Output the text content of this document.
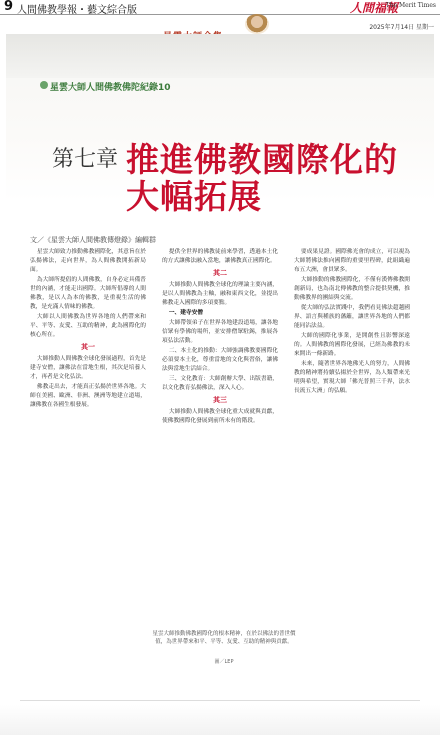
9 人間佛教學報・藝文綜合版	人間福報
The Merit Times
2025年7月14日 星期一
星雲大師人間佛教佛陀紀錄10
第七章 推進佛教國際化的
大幅拓展
文／《星雲大師人間佛教傳燈錄》編輯群

星雲大師致力推動佛教國際化，其意旨在於弘揚佛法，走向世界，為人間佛教開拓新局面。

為大師所提倡的人間佛教，自身必定具備普世的內涵，才能走出國際。大師所倡導的人間佛教，是以人為本的佛教，是重視生活的佛教，是充滿人情味的佛教。

大師以人間佛教為世界各地的人們帶來和平、平等、友愛、互助的精神，此為國際化的核心所在。

其一

大師推動人間佛教全球化發展過程，首先是建寺安僧，讓佛法在當地生根，其次是培養人才，再者是文化弘法。

佛教走出去，才能真正弘揚於世界各地。大師在美國、歐洲、非洲、澳洲等地建立道場，讓佛教在各國生根發展。

提供全世界的佛教徒前來學習，透過本土化的方式讓佛法融入當地，讓佛教真正國際化。

其二

大師推動人間佛教全球化的理論主要內涵，是以人間佛教為主軸，融和東西文化，並提出佛教走入國際的多項要點。

一、建寺安僧

大師帶領弟子在世界各地建設道場，讓各地信眾有學佛的場所，並安排僧眾駐錫，推展各項弘法活動。

二、本土化的推動：大師強調佛教要國際化必須要本土化，尊重當地的文化與習俗，讓佛法與當地生活結合。

三、文化教育：大師創辦大學、出版書籍，以文化教育弘揚佛法，深入人心。

其三

大師推動人間佛教全球化重大成就與貢獻，使佛教國際化發展到前所未有的階段。

要成果見證。國際佛光會的成立，可以視為大師將佛法推向國際的重要里程碑，此組織遍布五大洲，會員眾多。

大師推動的佛教國際化，不僅有漢傳佛教開創新局，也為南北傳佛教的整合提供契機，推動佛教界的團結與交流。

從大師的弘法實踐中，我們看見佛法超越國界、語言與種族的藩籬，讓世界各地的人們都能同沾法益。

大師的國際化事業，是開創性且影響深遠的。人間佛教的國際化發展，已經為佛教的未來開出一條新路。

未來，隨著世界各地佛光人的努力，人間佛教的精神將持續弘揚於全世界，為人類帶來光明與希望，實現大師「佛光普照三千界，法水長流五大洲」的弘願。

星雲大師推動佛教國際化的根本精神，在於以佛法的普世價值，為世界帶來和平、平等、友愛、互助的精神與貢獻。
圖／LEP
